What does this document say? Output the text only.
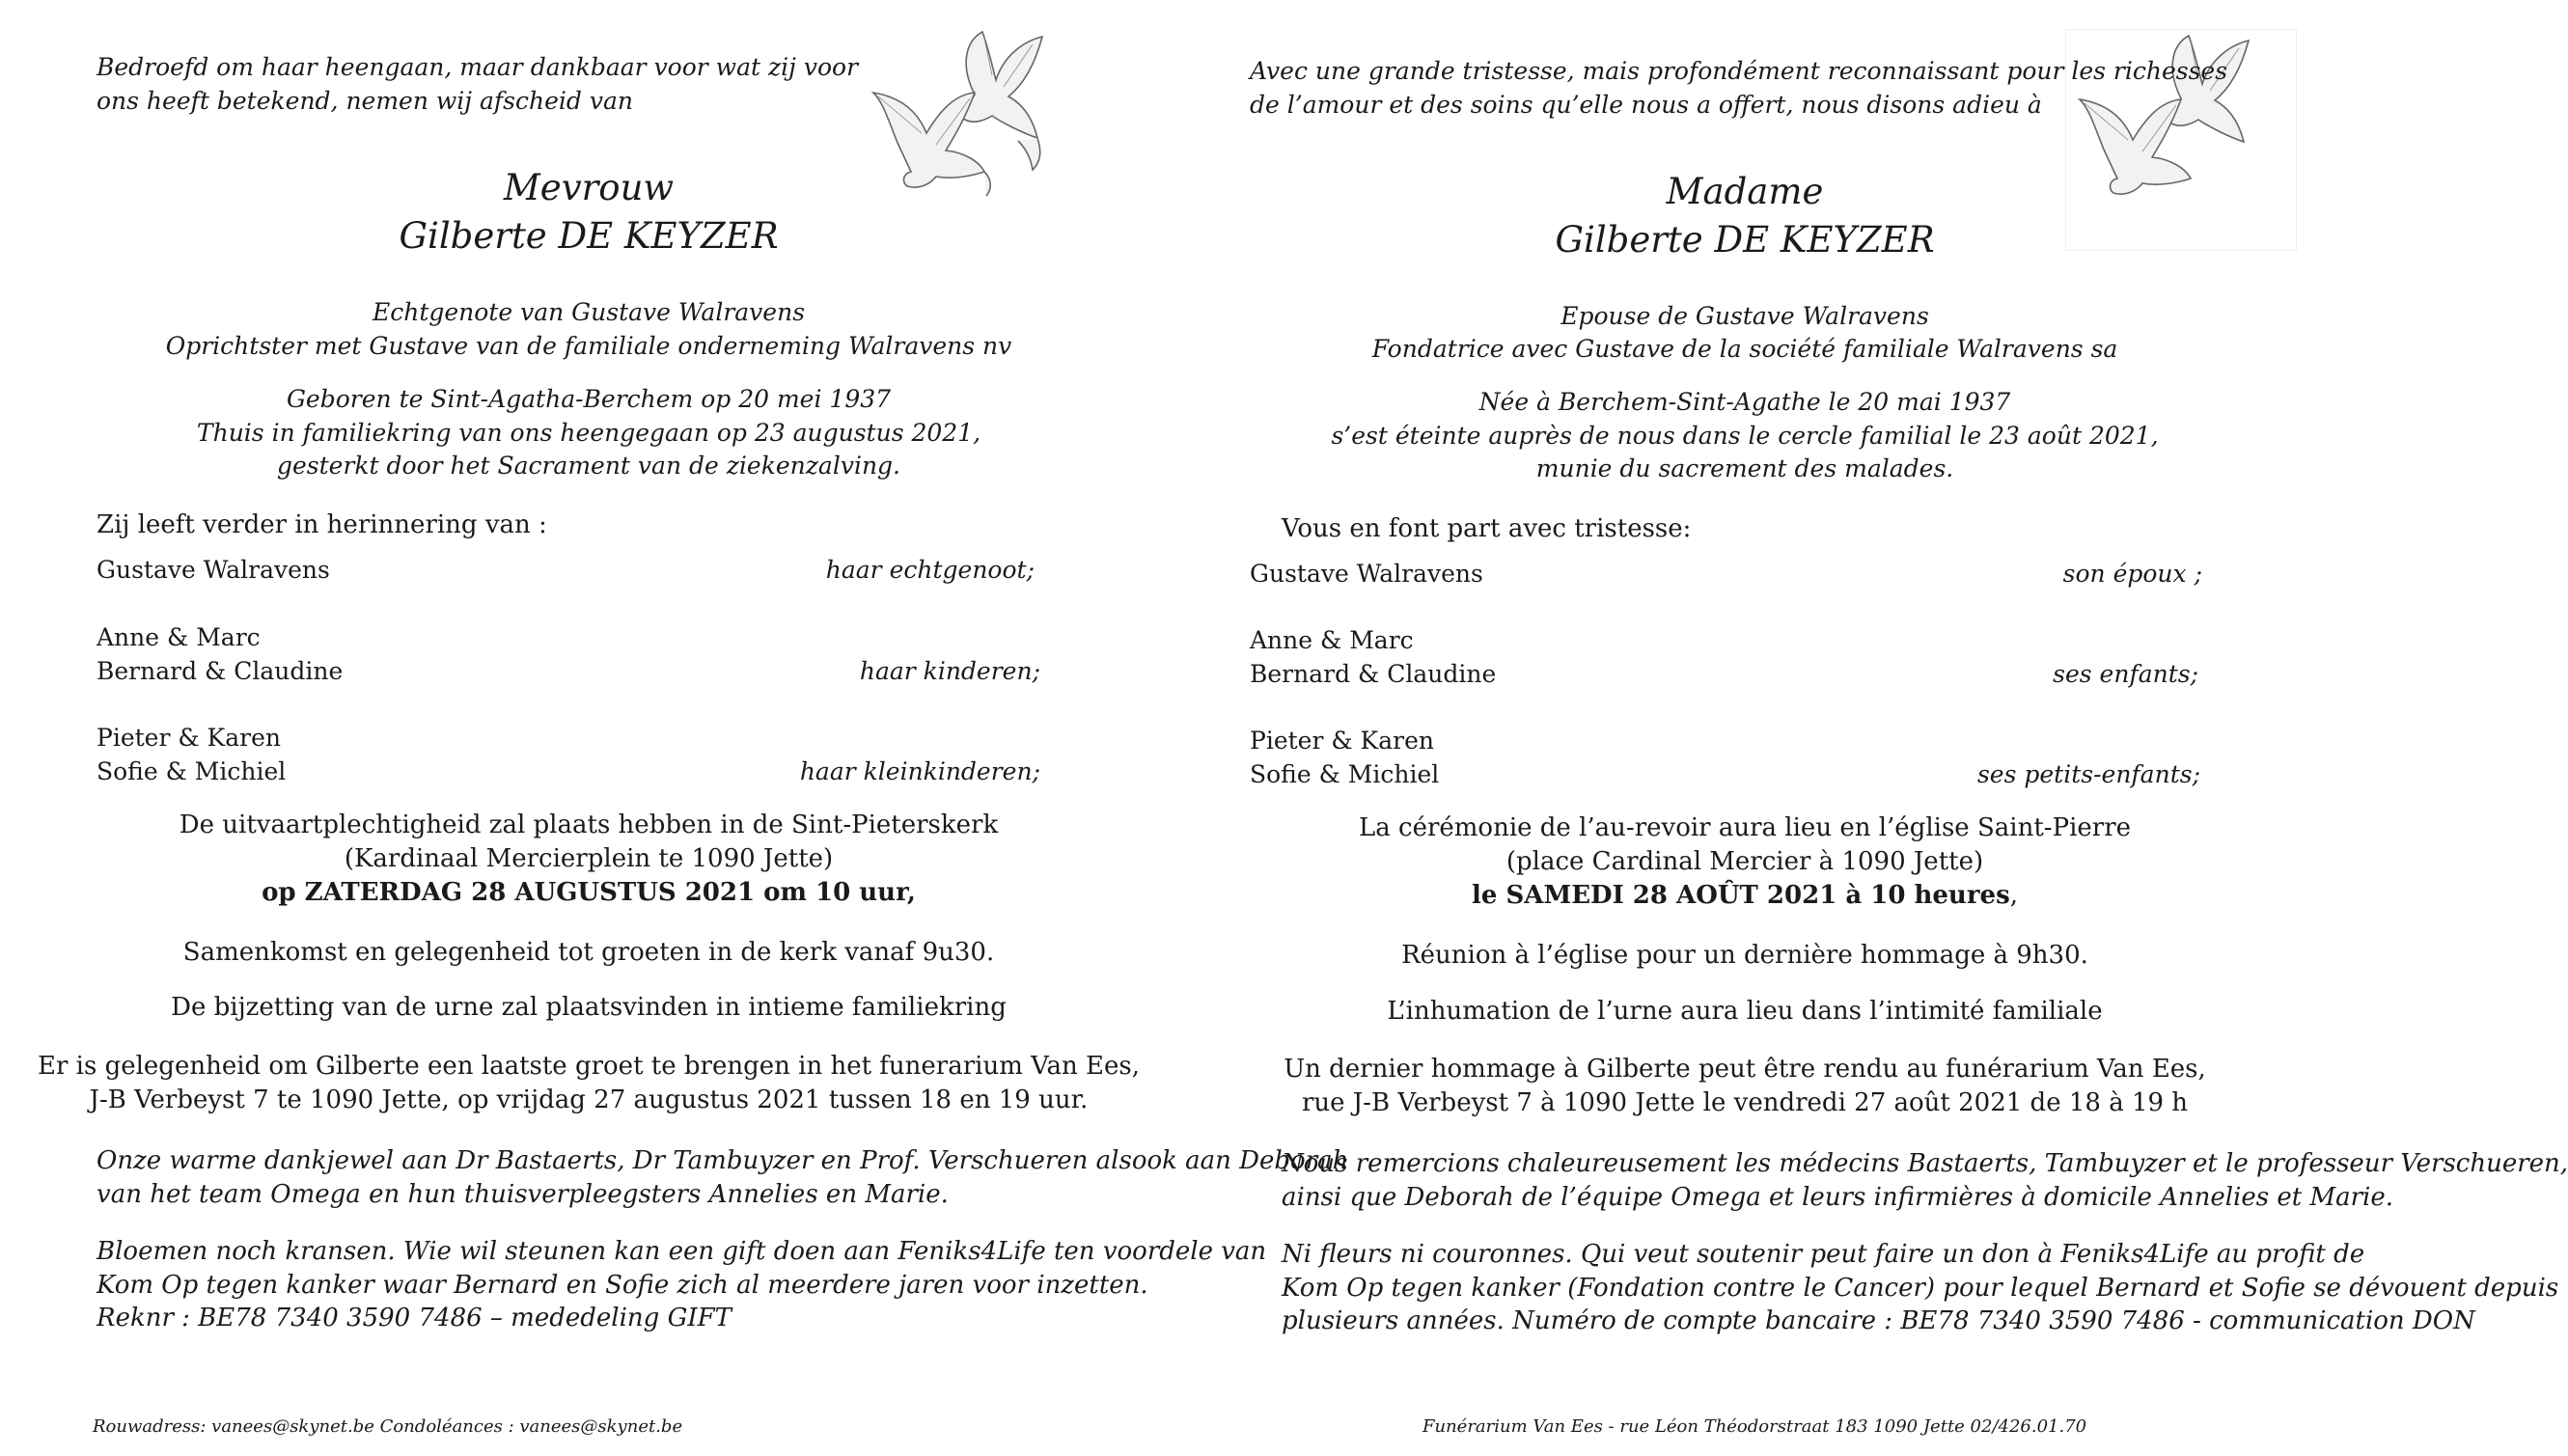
Bedroefd om haar heengaan, maar dankbaar voor wat zij voor
ons heeft betekend, nemen wij afscheid van
Mevrouw
Gilberte DE KEYZER
Echtgenote van Gustave Walravens
Oprichtster met Gustave van de familiale onderneming Walravens nv
Geboren te Sint-Agatha-Berchem op 20 mei 1937
Thuis in familiekring van ons heengegaan op 23 augustus 2021,
gesterkt door het Sacrament van de ziekenzalving.
Zij leeft verder in herinnering van :
Gustave Walravens	haar echtgenoot;
Anne & Marc
Bernard & Claudine	haar kinderen;
Pieter & Karen
Sofie & Michiel	haar kleinkinderen;
De uitvaartplechtigheid zal plaats hebben in de Sint-Pieterskerk
(Kardinaal Mercierplein te 1090 Jette)
op ZATERDAG 28 AUGUSTUS 2021 om 10 uur,
Samenkomst en gelegenheid tot groeten in de kerk vanaf 9u30.
De bijzetting van de urne zal plaatsvinden in intieme familiekring
Er is gelegenheid om Gilberte een laatste groet te brengen in het funerarium Van Ees,
J-B Verbeyst 7 te 1090 Jette, op vrijdag 27 augustus 2021 tussen 18 en 19 uur.
Onze warme dankjewel aan Dr Bastaerts, Dr Tambuyzer en Prof. Verschueren alsook aan Deborah
van het team Omega en hun thuisverpleegsters Annelies en Marie.
Bloemen noch kransen. Wie wil steunen kan een gift doen aan Feniks4Life ten voordele van
Kom Op tegen kanker waar Bernard en Sofie zich al meerdere jaren voor inzetten.
Reknr : BE78 7340 3590 7486 – mededeling GIFT
Rouwadress: vanees@skynet.be Condoléances : vanees@skynet.be
Avec une grande tristesse, mais profondément reconnaissant pour les richesses
de l’amour et des soins qu’elle nous a offert, nous disons adieu à
Madame
Gilberte DE KEYZER
Epouse de Gustave Walravens
Fondatrice avec Gustave de la société familiale Walravens sa
Née à Berchem-Sint-Agathe le 20 mai 1937
s’est éteinte auprès de nous dans le cercle familial le 23 août 2021,
munie du sacrement des malades.
Vous en font part avec tristesse:
Gustave Walravens	son époux ;
Anne & Marc
Bernard & Claudine	ses enfants;
Pieter & Karen
Sofie & Michiel	ses petits-enfants;
La cérémonie de l’au-revoir aura lieu en l’église Saint-Pierre
(place Cardinal Mercier à 1090 Jette)
le SAMEDI 28 AOÛT 2021 à 10 heures,
Réunion à l’église pour un dernière hommage à 9h30.
L’inhumation de l’urne aura lieu dans l’intimité familiale
Un dernier hommage à Gilberte peut être rendu au funérarium Van Ees,
rue J-B Verbeyst 7 à 1090 Jette le vendredi 27 août 2021 de 18 à 19 h
Nous remercions chaleureusement les médecins Bastaerts, Tambuyzer et le professeur Verschueren,
ainsi que Deborah de l’équipe Omega et leurs infirmières à domicile Annelies et Marie.
Ni fleurs ni couronnes. Qui veut soutenir peut faire un don à Feniks4Life au profit de
Kom Op tegen kanker (Fondation contre le Cancer) pour lequel Bernard et Sofie se dévouent depuis
plusieurs années. Numéro de compte bancaire : BE78 7340 3590 7486 - communication DON
Funérarium Van Ees - rue Léon Théodorstraat 183 1090 Jette 02/426.01.70
